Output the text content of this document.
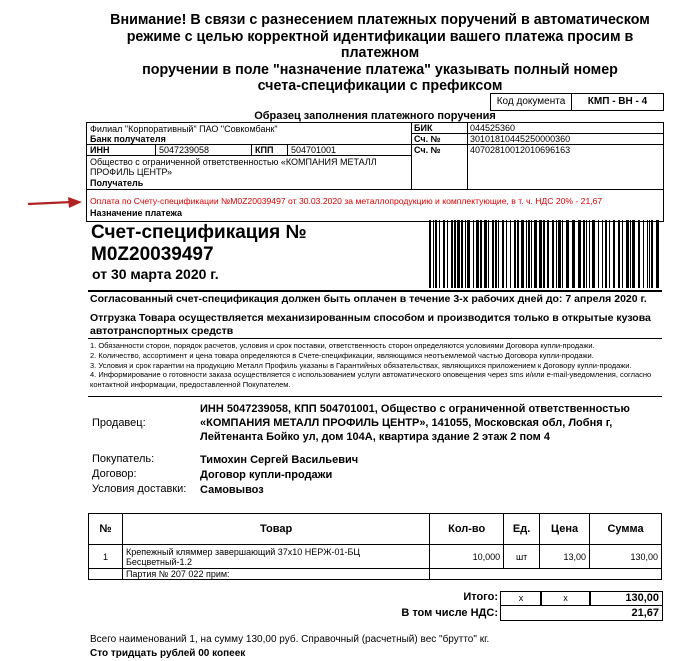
Внимание! В связи с разнесением платежных поручений в автоматическом
режиме с целью корректной идентификации вашего платежа просим в платежном
поручении в поле "назначение платежа" указывать полный номер
счета-спецификации с префиксом
Код документа	КМП - ВН - 4
Образец заполнения платежного поручения
Филиал "Корпоративный" ПАО "Совкомбанк"
Банк получателя
БИК	044525360
Сч. №	30101810445250000360
ИНН	5047239058	КПП 504701001	Сч. №	40702810012010696163
Общество с ограниченной ответственностью «КОМПАНИЯ МЕТАЛЛ
ПРОФИЛЬ ЦЕНТР»
Получатель
Оплата по Счету-спецификации №M0Z20039497 от 30.03.2020 за металлопродукцию и комплектующие, в т. ч. НДС 20% - 21,67
Назначение платежа
Счет-спецификация №
M0Z20039497
от 30 марта 2020 г.
Согласованный счет-спецификация должен быть оплачен в течение 3-х рабочих дней до: 7 апреля 2020 г.
Отгрузка Товара осуществляется механизированным способом и производится только в открытые кузова автотранспортных средств
1. Обязанности сторон, порядок расчетов, условия и срок поставки, ответственность сторон определяются условиями Договора купли-продажи.
2. Количество, ассортимент и цена товара определяются в Счете-спецификации, являющимся неотъемлемой частью Договора купли-продажи.
3. Условия и срок гарантии на продукцию Металл Профиль указаны в Гарантийных обязательствах, являющихся приложением к Договору купли-продажи.
4. Информирование о готовности заказа осуществляется с использованием услуги автоматического оповещения через sms и/или e-mail-уведомления, согласно контактной информации, предоставленной Покупателем.
Продавец:
ИНН 5047239058, КПП 504701001, Общество с ограниченной ответственностью
«КОМПАНИЯ МЕТАЛЛ ПРОФИЛЬ ЦЕНТР», 141055, Московская обл, Лобня г,
Лейтенанта Бойко ул, дом 104А, квартира здание 2 этаж 2 пом 4
Покупатель:	Тимохин Сергей Васильевич
Договор:	Договор купли-продажи
Условия доставки: Самовывоз
№	Товар	Кол-во	Ед.	Цена	Сумма
1	Крепежный кляммер завершающий 37x10 НЕРЖ-01-БЦ
Бесцветный-1.2	10,000	шт	13,00	130,00
	Партия № 207 022 прим:				
Итого:	x	x	130,00
В том числе НДС:	21,67
Всего наименований 1, на сумму 130,00 руб. Справочный (расчетный) вес "брутто" кг.
Сто тридцать рублей 00 копеек
